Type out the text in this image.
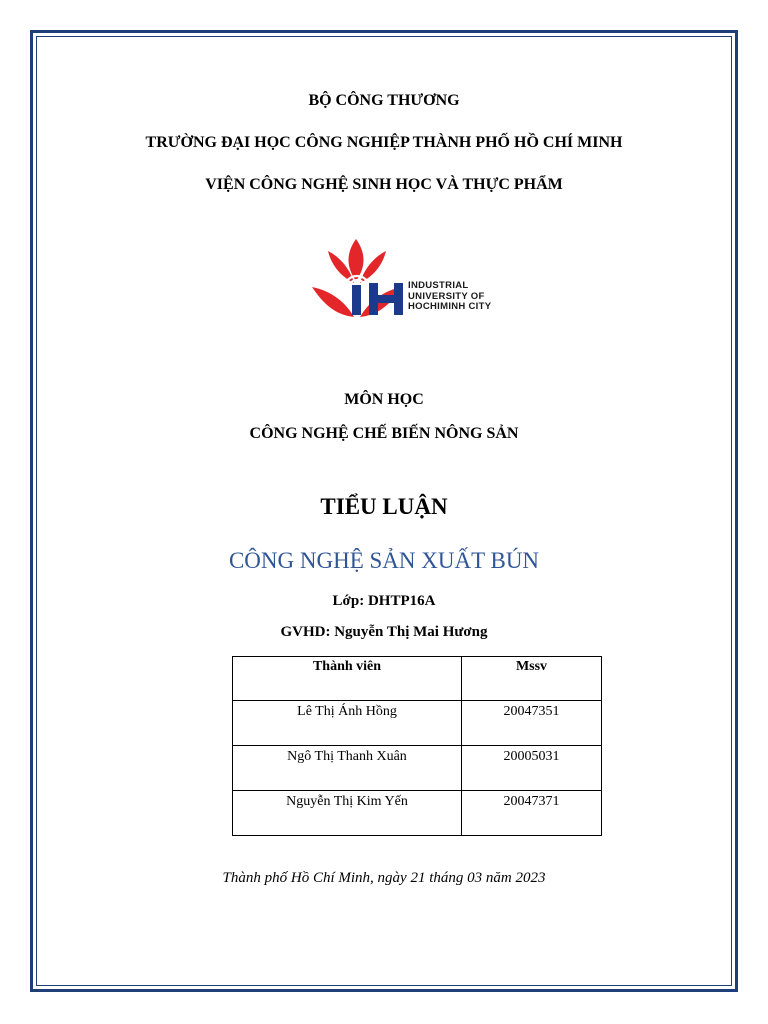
BỘ CÔNG THƯƠNG
TRƯỜNG ĐẠI HỌC CÔNG NGHIỆP THÀNH PHỐ HỒ CHÍ MINH
VIỆN CÔNG NGHỆ SINH HỌC VÀ THỰC PHẨM
INDUSTRIAL
UNIVERSITY OF
HOCHIMINH CITY
MÔN HỌC
CÔNG NGHỆ CHẾ BIẾN NÔNG SẢN
TIỂU LUẬN
CÔNG NGHỆ SẢN XUẤT BÚN
Lớp: DHTP16A
GVHD: Nguyễn Thị Mai Hương
Thành viên	Mssv
Lê Thị Ánh Hồng	20047351
Ngô Thị Thanh Xuân	20005031
Nguyễn Thị Kim Yến	20047371
Thành phố Hồ Chí Minh, ngày 21 tháng 03 năm 2023
